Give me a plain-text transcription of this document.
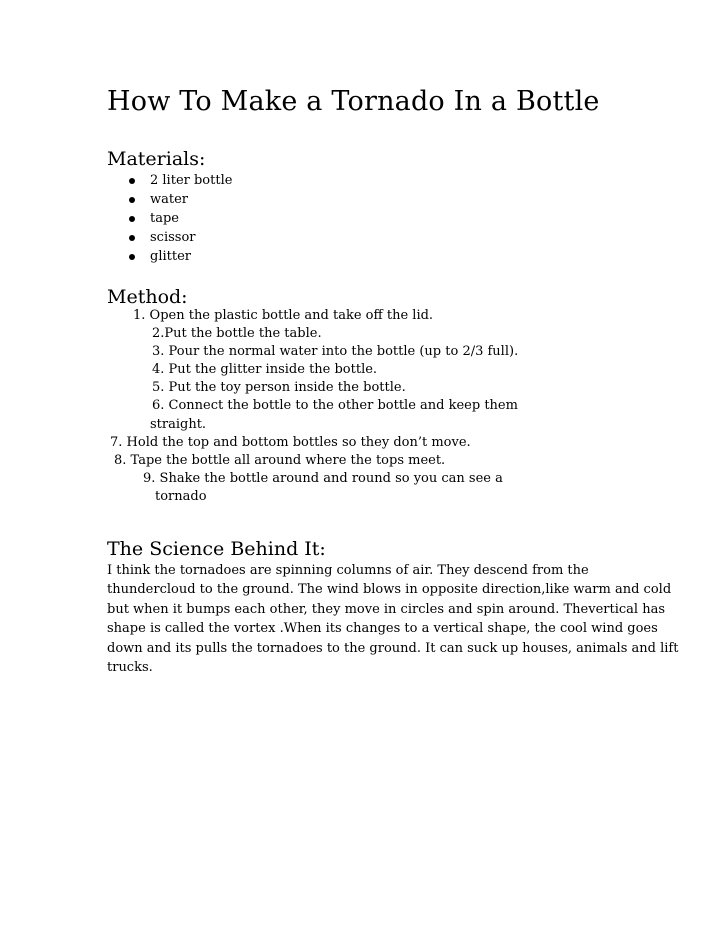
How To Make a Tornado In a Bottle
Materials:
2 liter bottle
water
tape
scissor
glitter
Method:
1. Open the plastic bottle and take off the lid.
2.Put the bottle the table.
3. Pour the normal water into the bottle (up to 2/3 full).
4. Put the glitter inside the bottle.
5. Put the toy person inside the bottle.
6. Connect the bottle to the other bottle and keep them
straight.
7. Hold the top and bottom bottles so they don’t move.
8. Tape the bottle all around where the tops meet.
9. Shake the bottle around and round so you can see a
tornado
The Science Behind It:

I think the tornadoes are spinning columns of air. They descend from the
thundercloud to the ground. The wind blows in opposite direction,like warm and cold
but when it bumps each other, they move in circles and spin around. Thevertical has
shape is called the vortex .When its changes to a vertical shape, the cool wind goes
down and its pulls the tornadoes to the ground. It can suck up houses, animals and lift
trucks.
